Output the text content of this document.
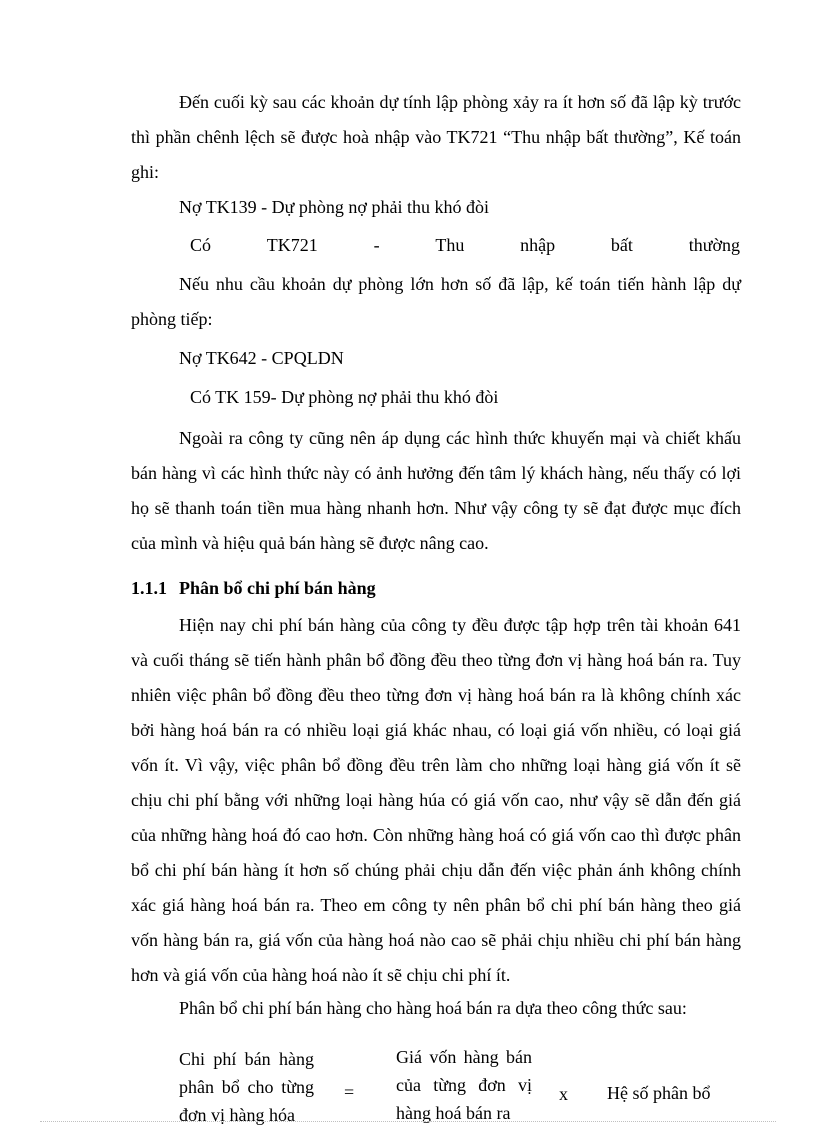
Đến cuối kỳ sau các khoản dự tính lập phòng xảy ra ít hơn số đã lập kỳ trước thì phần chênh lệch sẽ được hoà nhập vào TK721 “Thu nhập bất thường”, Kế toán ghi:

Nợ TK139 - Dự phòng nợ phải thu khó đòi
Có	TK721	-	Thu	nhập	bất	thường

Nếu nhu cầu khoản dự phòng lớn hơn số đã lập, kế toán tiến hành lập dự phòng tiếp:

Nợ TK642 - CPQLDN
Có TK 159- Dự phòng nợ phải thu khó đòi

Ngoài ra công ty cũng nên áp dụng các hình thức khuyến mại và chiết khấu bán hàng vì các hình thức này có ảnh hưởng đến tâm lý khách hàng, nếu thấy có lợi họ sẽ thanh toán tiền mua hàng nhanh hơn. Như vậy công ty sẽ đạt được mục đích của mình và hiệu quả bán hàng sẽ được nâng cao.

1.1.1 Phân bổ chi phí bán hàng

Hiện nay chi phí bán hàng của công ty đều được tập hợp trên tài khoản 641 và cuối tháng sẽ tiến hành phân bổ đồng đều theo từng đơn vị hàng hoá bán ra. Tuy nhiên việc phân bổ đồng đều theo từng đơn vị hàng hoá bán ra là không chính xác bởi hàng hoá bán ra có nhiều loại giá khác nhau, có loại giá vốn nhiều, có loại giá vốn ít. Vì vậy, việc phân bổ đồng đều trên làm cho những loại hàng giá vốn ít sẽ chịu chi phí bằng với những loại hàng húa có giá vốn cao, như vậy sẽ dẫn đến giá của những hàng hoá đó cao hơn. Còn những hàng hoá có giá vốn cao thì được phân bổ chi phí bán hàng ít hơn số chúng phải chịu dẫn đến việc phản ánh không chính xác giá hàng hoá bán ra. Theo em công ty nên phân bổ chi phí bán hàng theo giá vốn hàng bán ra, giá vốn của hàng hoá nào cao sẽ phải chịu nhiều chi phí bán hàng hơn và giá vốn của hàng hoá nào ít sẽ chịu chi phí ít.

Phân bổ chi phí bán hàng cho hàng hoá bán ra dựa theo công thức sau:
Chi phí bán hàng phân bổ cho từng đơn vị hàng hóa
=
Giá vốn hàng bán của từng đơn vị hàng hoá bán ra
x Hệ số phân bổ
